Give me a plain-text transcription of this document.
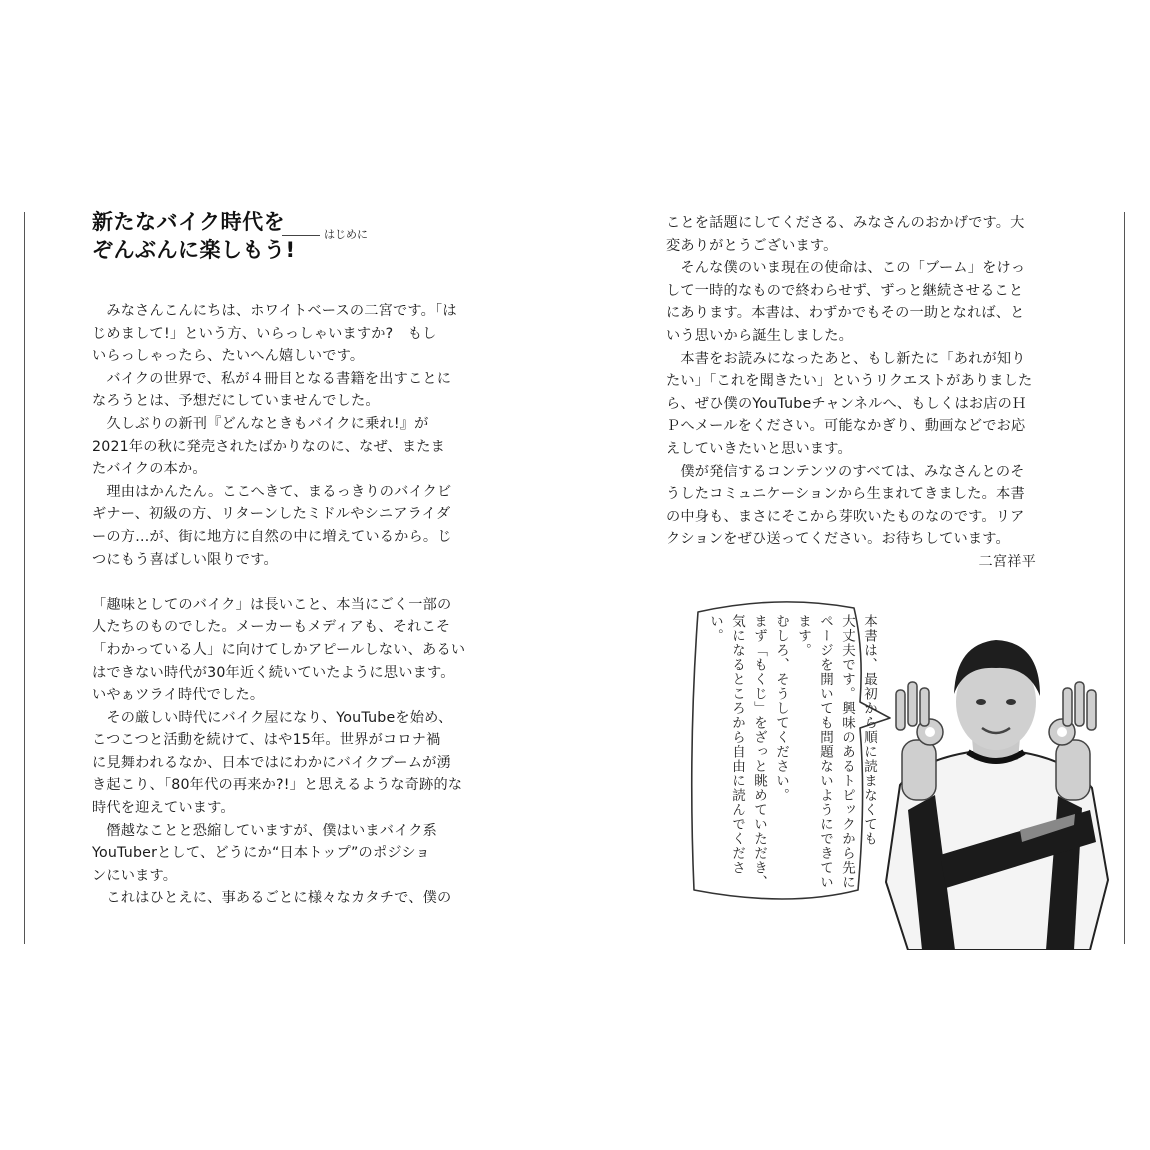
新たなバイク時代を
ぞんぶんに楽しもう!
はじめに

　みなさんこんにちは、ホワイトベースの二宮です。「は

じめまして!」という方、いらっしゃいますか?　もし

いらっしゃったら、たいへん嬉しいです。

　バイクの世界で、私が４冊目となる書籍を出すことに

なろうとは、予想だにしていませんでした。

　久しぶりの新刊『どんなときもバイクに乗れ!』が

2021年の秋に発売されたばかりなのに、なぜ、またま

たバイクの本か。

　理由はかんたん。ここへきて、まるっきりのバイクビ

ギナー、初級の方、リターンしたミドルやシニアライダ

ーの方…が、街に地方に自然の中に増えているから。じ

つにもう喜ばしい限りです。

「趣味としてのバイク」は長いこと、本当にごく一部の

人たちのものでした。メーカーもメディアも、それこそ

「わかっている人」に向けてしかアピールしない、あるい

はできない時代が30年近く続いていたように思います。

いやぁツライ時代でした。

　その厳しい時代にバイク屋になり、YouTubeを始め、

こつこつと活動を続けて、はや15年。世界がコロナ禍

に見舞われるなか、日本ではにわかにバイクブームが湧

き起こり、「80年代の再来か?!」と思えるような奇跡的な

時代を迎えています。

　僭越なことと恐縮していますが、僕はいまバイク系

YouTuberとして、どうにか“日本トップ”のポジショ

ンにいます。

　これはひとえに、事あるごとに様々なカタチで、僕の

ことを話題にしてくださる、みなさんのおかげです。大

変ありがとうございます。

　そんな僕のいま現在の使命は、この「ブーム」をけっ

して一時的なもので終わらせず、ずっと継続させること

にあります。本書は、わずかでもその一助となれば、と

いう思いから誕生しました。

　本書をお読みになったあと、もし新たに「あれが知り

たい」「これを聞きたい」というリクエストがありました

ら、ぜひ僕のYouTubeチャンネルへ、もしくはお店のＨ

Ｐへメールをください。可能なかぎり、動画などでお応

えしていきたいと思います。

　僕が発信するコンテンツのすべては、みなさんとのそ

うしたコミュニケーションから生まれてきました。本書

の中身も、まさにそこから芽吹いたものなのです。リア

クションをぜひ送ってください。お待ちしています。

二宮祥平

本書は、最初から順に読まなくても
大丈夫です。興味のあるトピックから先に
ページを開いても問題ないようにできています。
むしろ、そうしてください。
まず「もくじ」をざっと眺めていただき、
気になるところから自由に読んでください。
